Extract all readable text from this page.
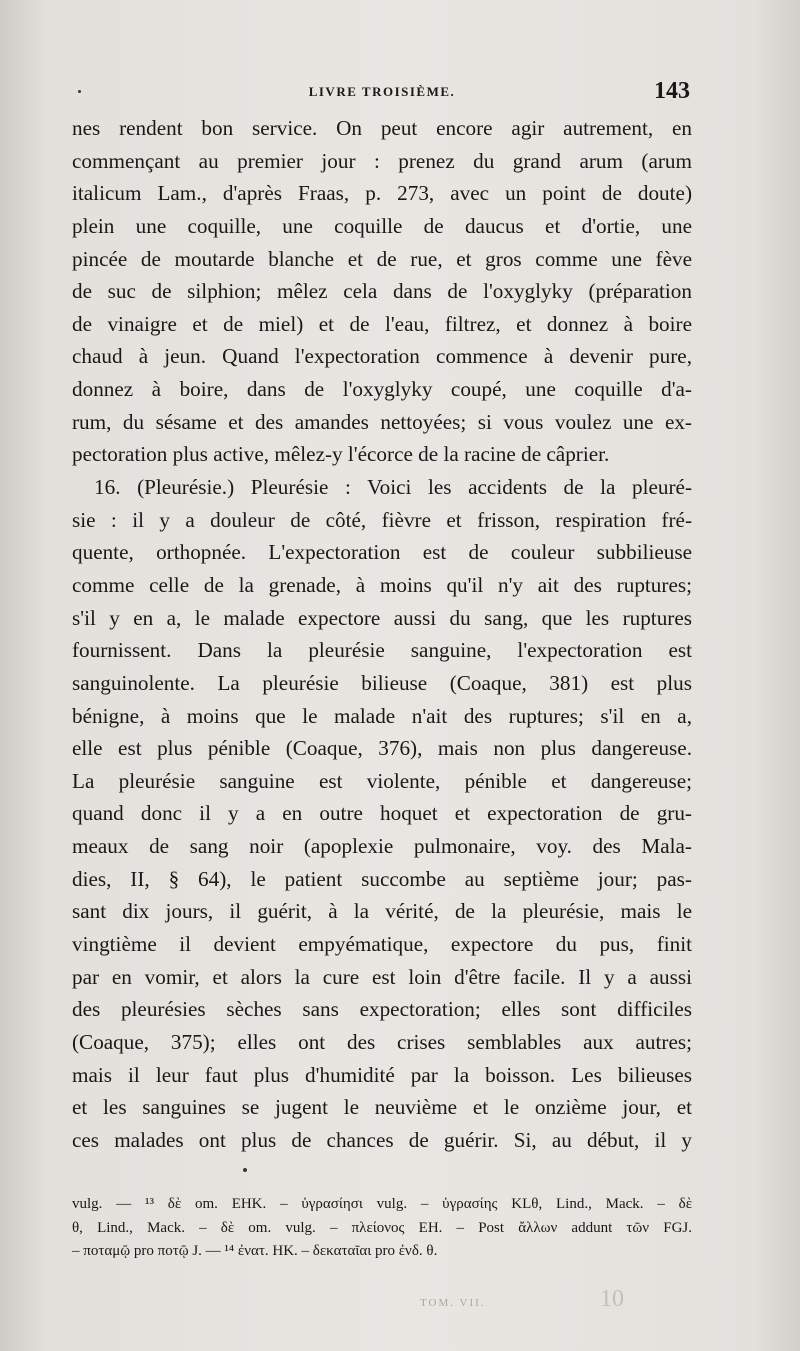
LIVRE TROISIÈME.	143
nes rendent bon service. On peut encore agir autrement, en
commençant au premier jour : prenez du grand arum (arum
italicum Lam., d'après Fraas, p. 273, avec un point de doute)
plein une coquille, une coquille de daucus et d'ortie, une
pincée de moutarde blanche et de rue, et gros comme une fève
de suc de silphion; mêlez cela dans de l'oxyglyky (préparation
de vinaigre et de miel) et de l'eau, filtrez, et donnez à boire
chaud à jeun. Quand l'expectoration commence à devenir pure,
donnez à boire, dans de l'oxyglyky coupé, une coquille d'a-
rum, du sésame et des amandes nettoyées; si vous voulez une ex-
pectoration plus active, mêlez-y l'écorce de la racine de câprier.
16. (Pleurésie.) Pleurésie : Voici les accidents de la pleuré-
sie : il y a douleur de côté, fièvre et frisson, respiration fré-
quente, orthopnée. L'expectoration est de couleur subbilieuse
comme celle de la grenade, à moins qu'il n'y ait des ruptures;
s'il y en a, le malade expectore aussi du sang, que les ruptures
fournissent. Dans la pleurésie sanguine, l'expectoration est
sanguinolente. La pleurésie bilieuse (Coaque, 381) est plus
bénigne, à moins que le malade n'ait des ruptures; s'il en a,
elle est plus pénible (Coaque, 376), mais non plus dangereuse.
La pleurésie sanguine est violente, pénible et dangereuse;
quand donc il y a en outre hoquet et expectoration de gru-
meaux de sang noir (apoplexie pulmonaire, voy. des Mala-
dies, II, § 64), le patient succombe au septième jour; pas-
sant dix jours, il guérit, à la vérité, de la pleurésie, mais le
vingtième il devient empyématique, expectore du pus, finit
par en vomir, et alors la cure est loin d'être facile. Il y a aussi
des pleurésies sèches sans expectoration; elles sont difficiles
(Coaque, 375); elles ont des crises semblables aux autres;
mais il leur faut plus d'humidité par la boisson. Les bilieuses
et les sanguines se jugent le neuvième et le onzième jour, et
ces malades ont plus de chances de guérir. Si, au début, il y
vulg. — ¹³ δὲ om. EHK. – ὑγρασίησι vulg. – ὑγρασίης KLθ, Lind., Mack. – δὲ
θ, Lind., Mack. – δὲ om. vulg. – πλείονος EH. – Post ἄλλων addunt τῶν FGJ.
– ποταμῷ pro ποτῷ J. — ¹⁴ ἐνατ. HK. – δεκαταῖαι pro ἐνδ. θ.
TOM. VII.	10
